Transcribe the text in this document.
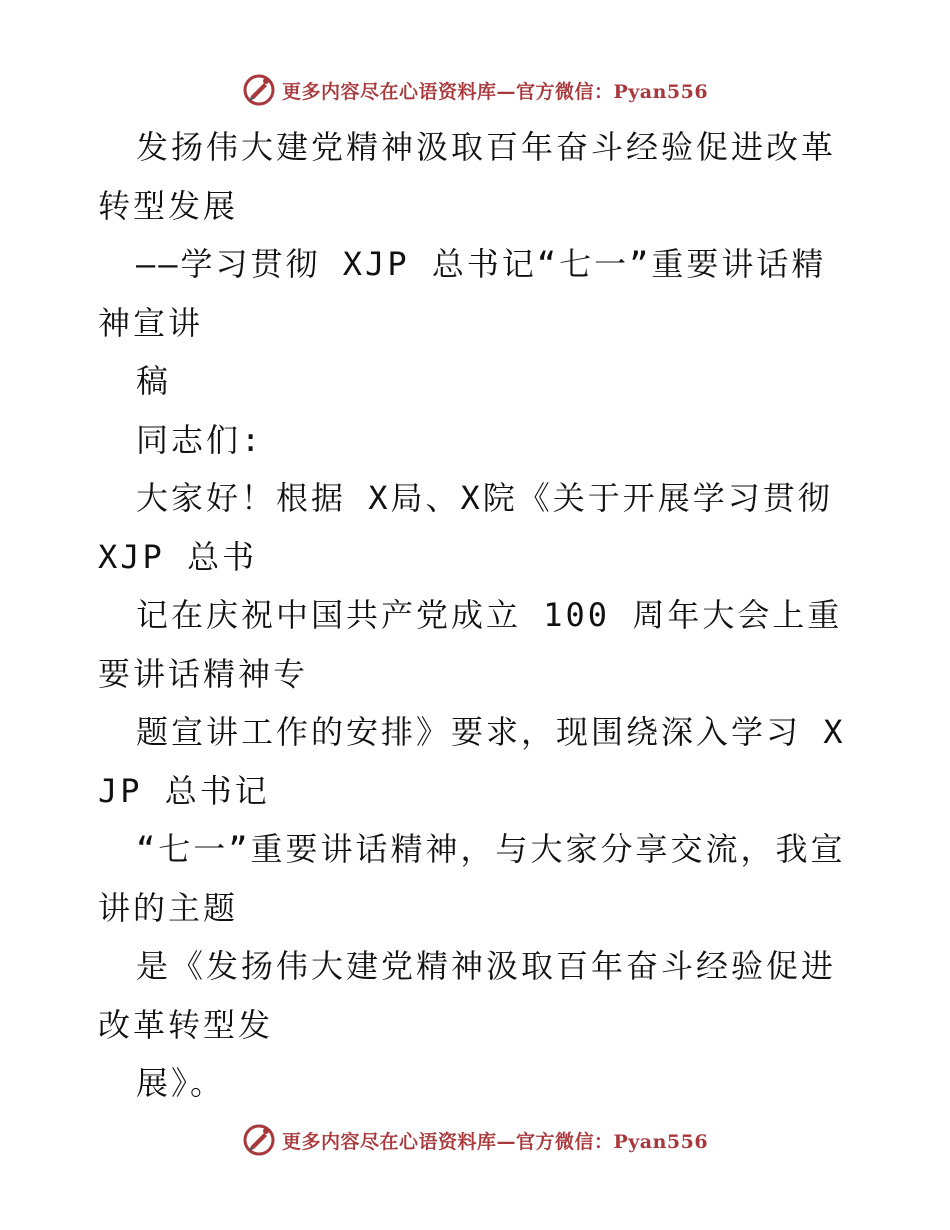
更多内容尽在心语资料库—官方微信：Pyan556

发扬伟大建党精神汲取百年奋斗经验促进改革转型发展

——学习贯彻 XJP 总书记“七一”重要讲话精神宣讲

稿

同志们:

大家好！根据 X局、X院《关于开展学习贯彻 XJP 总书

记在庆祝中国共产党成立 100 周年大会上重要讲话精神专

题宣讲工作的安排》要求，现围绕深入学习 XJP 总书记

“七一”重要讲话精神，与大家分享交流，我宣讲的主题

是《发扬伟大建党精神汲取百年奋斗经验促进改革转型发

展》。

更多内容尽在心语资料库—官方微信：Pyan556
